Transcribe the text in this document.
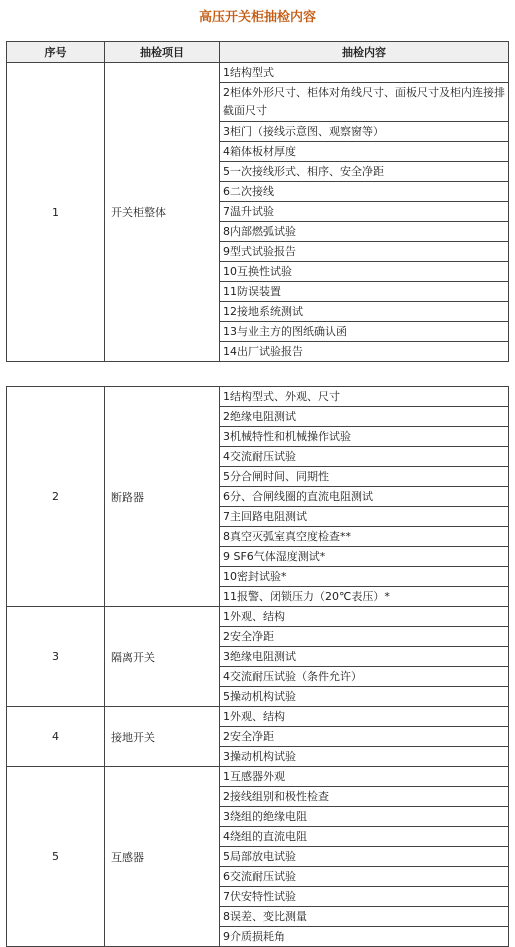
高压开关柜抽检内容
序号	抽检项目	抽检内容
1	开关柜整体	1结构型式
		2柜体外形尺寸、柜体对角线尺寸、面板尺寸及柜内连接排截面尺寸
		3柜门（接线示意图、观察窗等）
		4箱体板材厚度
		5一次接线形式、相序、安全净距
		6二次接线
		7温升试验
		8内部燃弧试验
		9型式试验报告
		10互换性试验
		11防误装置
		12接地系统测试
		13与业主方的图纸确认函
		14出厂试验报告
2	断路器	1结构型式、外观、尺寸
		2绝缘电阻测试
		3机械特性和机械操作试验
		4交流耐压试验
		5分合闸时间、同期性
		6分、合闸线圈的直流电阻测试
		7主回路电阻测试
		8真空灭弧室真空度检查**
		9 SF6气体湿度测试*
		10密封试验*
		11报警、闭锁压力（20℃表压）*
3	隔离开关	1外观、结构
		2安全净距
		3绝缘电阻测试
		4交流耐压试验（条件允许）
		5操动机构试验
4	接地开关	1外观、结构
		2安全净距
		3操动机构试验
5	互感器	1互感器外观
		2接线组别和极性检查
		3绕组的绝缘电阻
		4绕组的直流电阻
		5局部放电试验
		6交流耐压试验
		7伏安特性试验
		8误差、变比测量
		9介质损耗角
